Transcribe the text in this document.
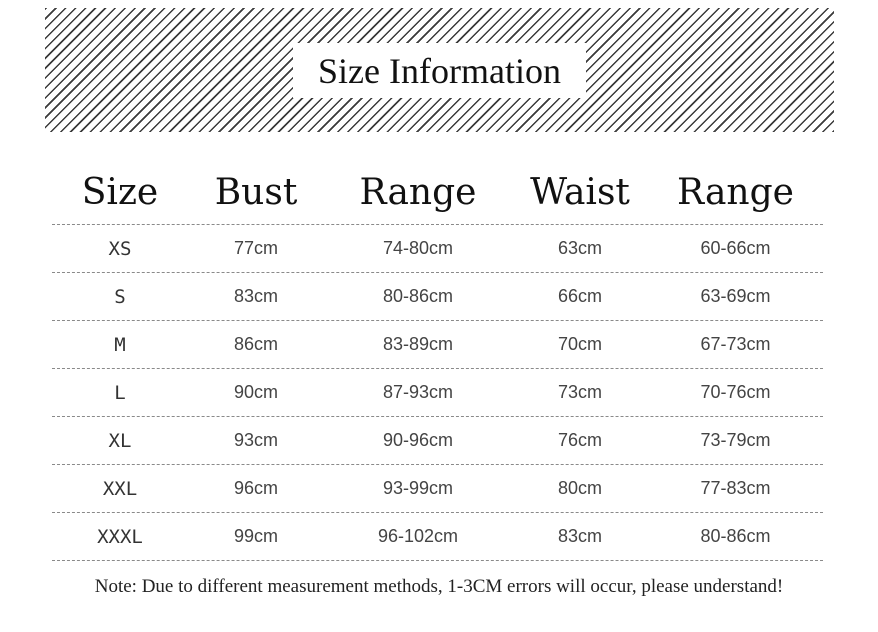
Size Information
Size	Bust	Range	Waist	Range
XS	77cm	74-80cm	63cm	60-66cm
S	83cm	80-86cm	66cm	63-69cm
M	86cm	83-89cm	70cm	67-73cm
L	90cm	87-93cm	73cm	70-76cm
XL	93cm	90-96cm	76cm	73-79cm
XXL	96cm	93-99cm	80cm	77-83cm
XXXL	99cm	96-102cm	83cm	80-86cm
Note: Due to different measurement methods, 1-3CM errors will occur, please understand!
